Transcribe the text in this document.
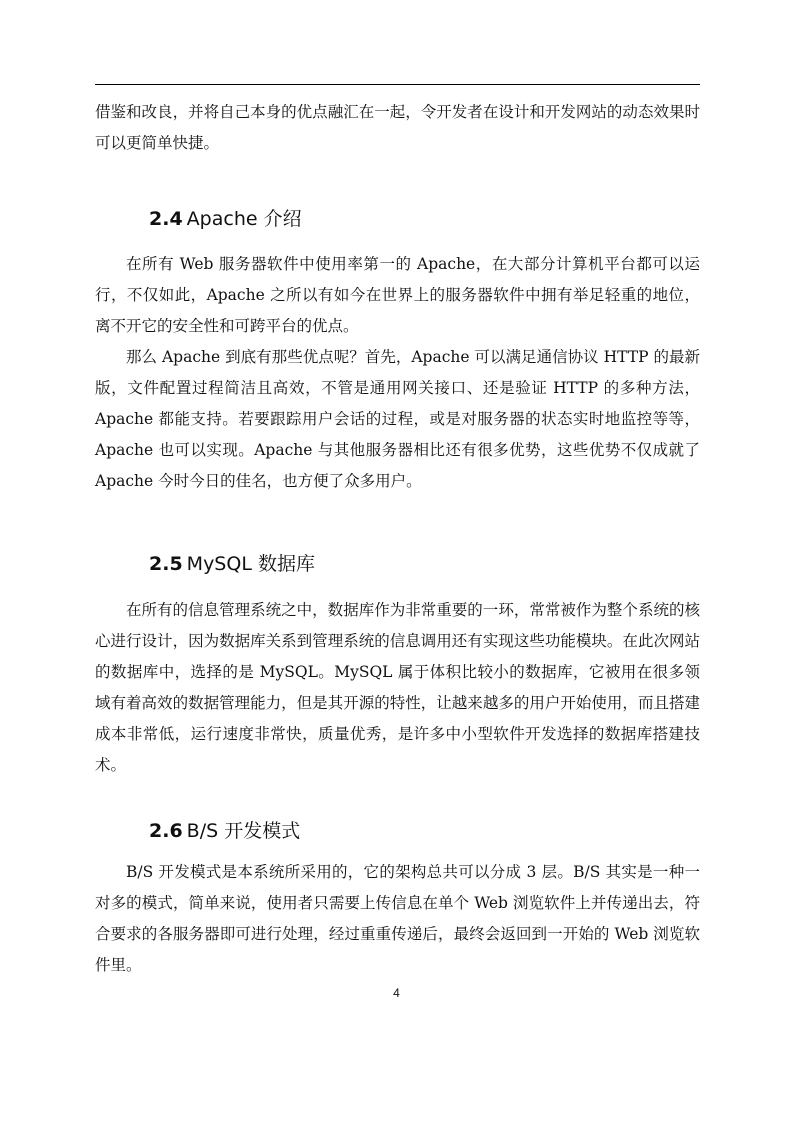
借鉴和改良，并将自己本身的优点融汇在一起，令开发者在设计和开发网站的动态效果时可以更简单快捷。

2.4 Apache 介绍

在所有 Web 服务器软件中使用率第一的 Apache，在大部分计算机平台都可以运行，不仅如此，Apache 之所以有如今在世界上的服务器软件中拥有举足轻重的地位，离不开它的安全性和可跨平台的优点。

那么 Apache 到底有那些优点呢？首先，Apache 可以满足通信协议 HTTP 的最新版，文件配置过程简洁且高效，不管是通用网关接口、还是验证 HTTP 的多种方法，Apache 都能支持。若要跟踪用户会话的过程，或是对服务器的状态实时地监控等等，Apache 也可以实现。Apache 与其他服务器相比还有很多优势，这些优势不仅成就了 Apache 今时今日的佳名，也方便了众多用户。

2.5 MySQL 数据库

在所有的信息管理系统之中，数据库作为非常重要的一环，常常被作为整个系统的核心进行设计，因为数据库关系到管理系统的信息调用还有实现这些功能模块。在此次网站的数据库中，选择的是 MySQL。MySQL 属于体积比较小的数据库，它被用在很多领域有着高效的数据管理能力，但是其开源的特性，让越来越多的用户开始使用，而且搭建成本非常低，运行速度非常快，质量优秀，是许多中小型软件开发选择的数据库搭建技术。

2.6 B/S 开发模式

B/S 开发模式是本系统所采用的，它的架构总共可以分成 3 层。B/S 其实是一种一对多的模式，简单来说，使用者只需要上传信息在单个 Web 浏览软件上并传递出去，符合要求的各服务器即可进行处理，经过重重传递后，最终会返回到一开始的 Web 浏览软件里。

4
